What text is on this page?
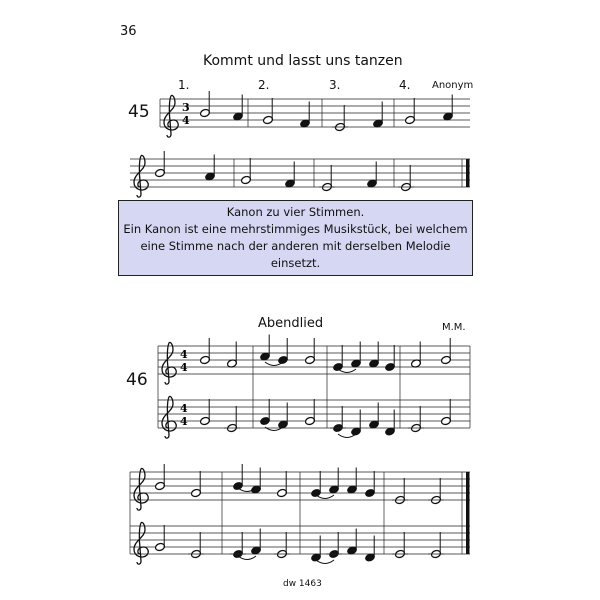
36
Kommt und lasst uns tanzen
1.	2.	3.	4. Anonym
45
Kanon zu vier Stimmen.
Ein Kanon ist eine mehrstimmiges Musikstück, bei welchem
eine Stimme nach der anderen mit derselben Melodie
einsetzt.
Abendlied	M.M.
46
dw 1463
3
4
4
4
4
4
